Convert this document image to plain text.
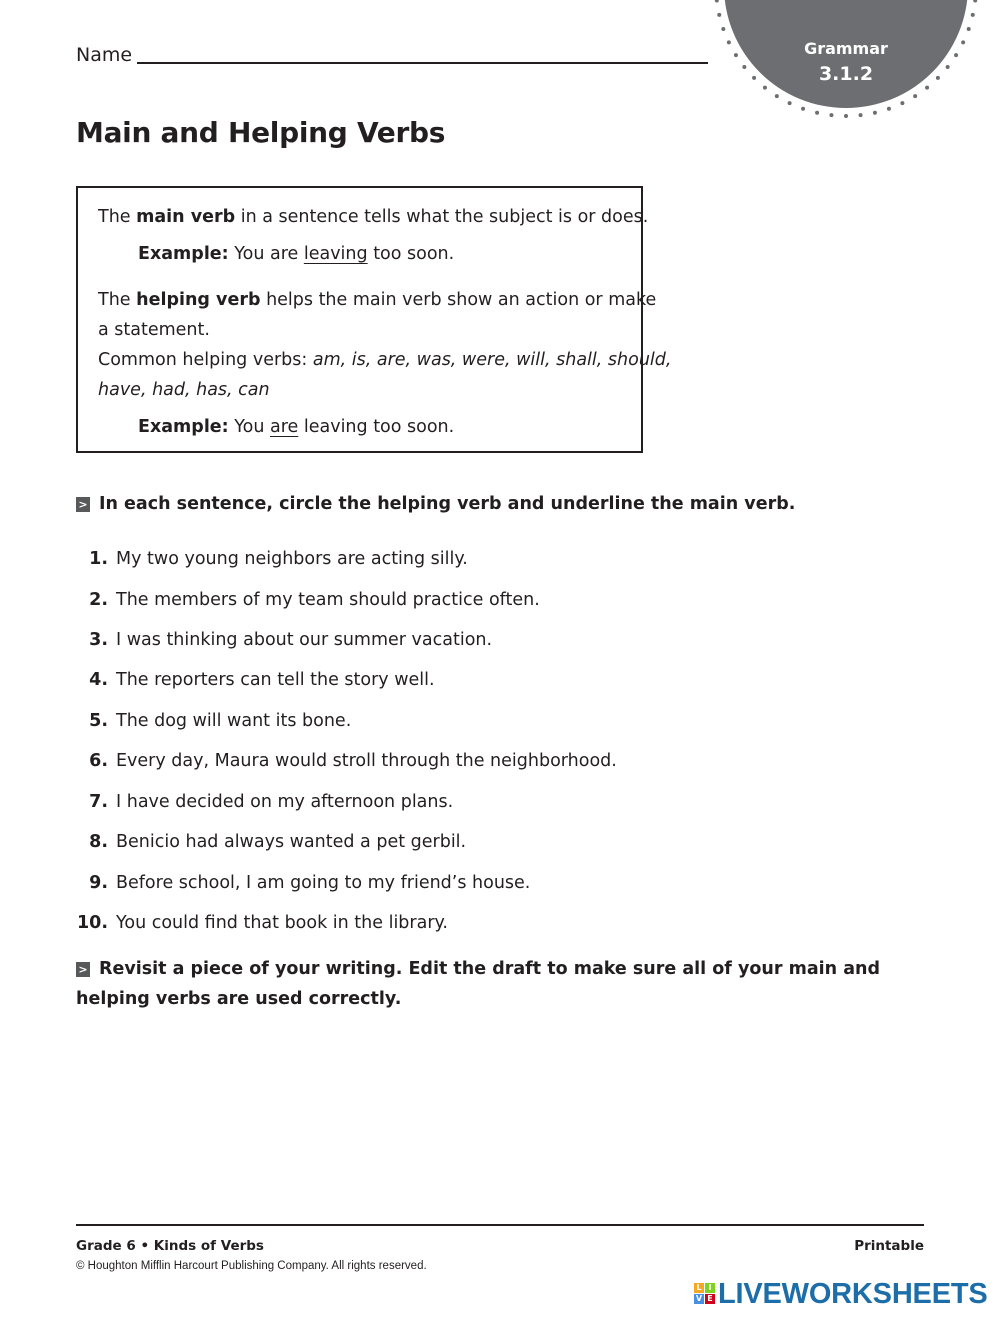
Name	Grammar
3.1.2
Main and Helping Verbs
The main verb in a sentence tells what the subject is or does.
Example: You are leaving too soon.
The helping verb helps the main verb show an action or make
a statement.
Common helping verbs: am, is, are, was, were, will, shall, should,
have, had, has, can
Example: You are leaving too soon.
> In each sentence, circle the helping verb and underline the main verb.
1. My two young neighbors are acting silly.
2. The members of my team should practice often.
3. I was thinking about our summer vacation.
4. The reporters can tell the story well.
5. The dog will want its bone.
6. Every day, Maura would stroll through the neighborhood.
7. I have decided on my afternoon plans.
8. Benicio had always wanted a pet gerbil.
9. Before school, I am going to my friend’s house.
10. You could find that book in the library.
> Revisit a piece of your writing. Edit the draft to make sure all of your main and
helping verbs are used correctly.
Grade 6 • Kinds of Verbs	Printable
© Houghton Mifflin Harcourt Publishing Company. All rights reserved.
L I
V E LIVEWORKSHEETS
